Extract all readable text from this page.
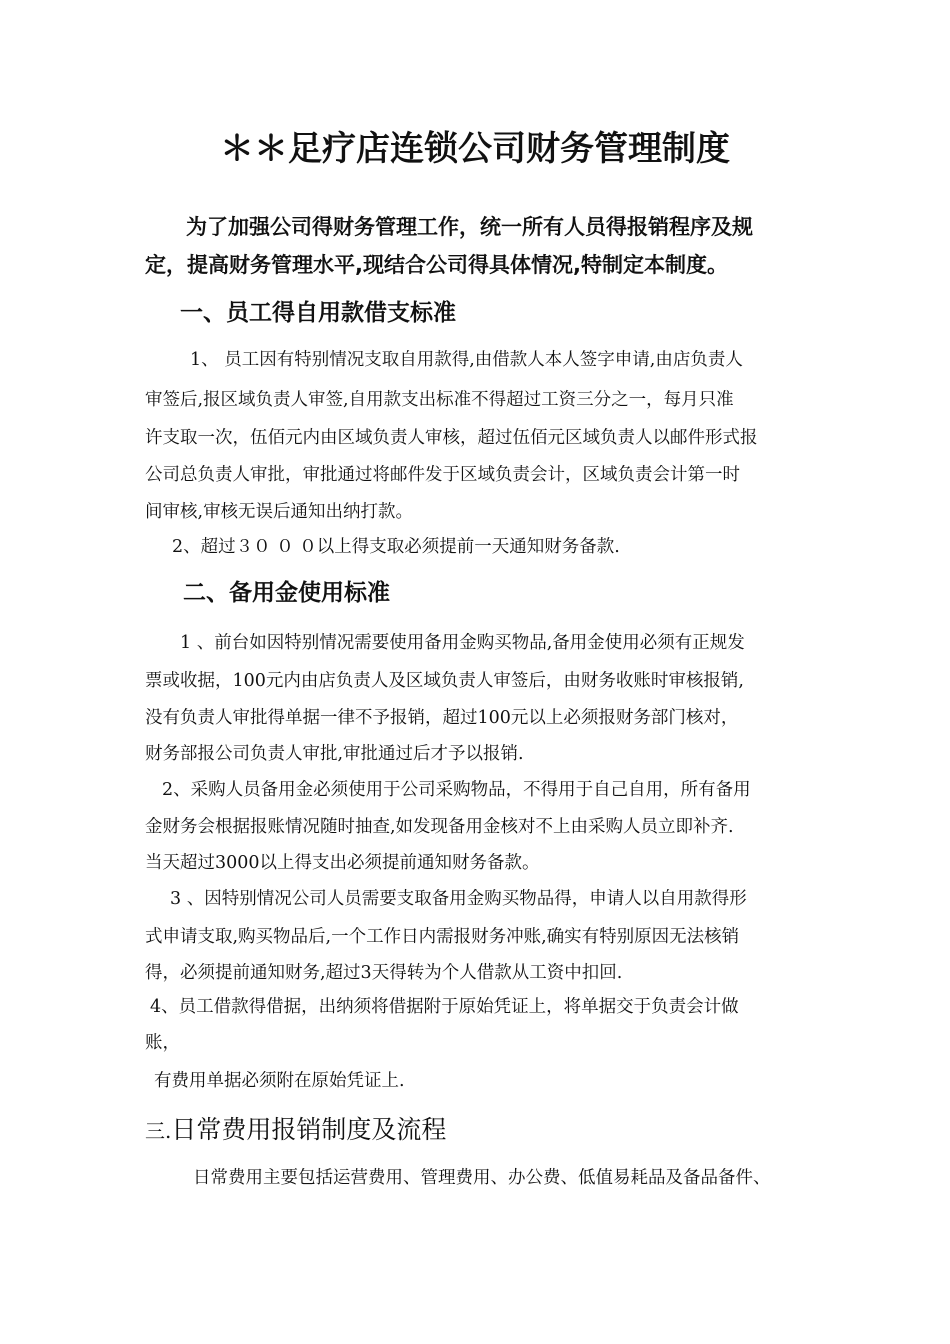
＊＊足疗店连锁公司财务管理制度
为了加强公司得财务管理工作，统一所有人员得报销程序及规
定，提高财务管理水平,现结合公司得具体情况,特制定本制度。
一、员工得自用款借支标准
1、 员工因有特别情况支取自用款得,由借款人本人签字申请,由店负责人
审签后,报区域负责人审签,自用款支出标准不得超过工资三分之一，每月只准
许支取一次，伍佰元内由区域负责人审核，超过伍佰元区域负责人以邮件形式报
公司总负责人审批，审批通过将邮件发于区域负责会计，区域负责会计第一时
间审核,审核无误后通知出纳打款。
2、超过３０ ０ ０以上得支取必须提前一天通知财务备款.
二、备用金使用标准
1 、前台如因特别情况需要使用备用金购买物品,备用金使用必须有正规发
票或收据，100元内由店负责人及区域负责人审签后，由财务收账时审核报销,
没有负责人审批得单据一律不予报销，超过100元以上必须报财务部门核对，
财务部报公司负责人审批,审批通过后才予以报销.
2、采购人员备用金必须使用于公司采购物品，不得用于自己自用，所有备用
金财务会根据报账情况随时抽查,如发现备用金核对不上由采购人员立即补齐.
当天超过3000以上得支出必须提前通知财务备款。
3 、因特别情况公司人员需要支取备用金购买物品得，申请人以自用款得形
式申请支取,购买物品后,一个工作日内需报财务冲账,确实有特别原因无法核销
得，必须提前通知财务,超过3天得转为个人借款从工资中扣回.
4、员工借款得借据，出纳须将借据附于原始凭证上，将单据交于负责会计做
账，
有费用单据必须附在原始凭证上.
三.日常费用报销制度及流程
日常费用主要包括运营费用、管理费用、办公费、低值易耗品及备品备件、
